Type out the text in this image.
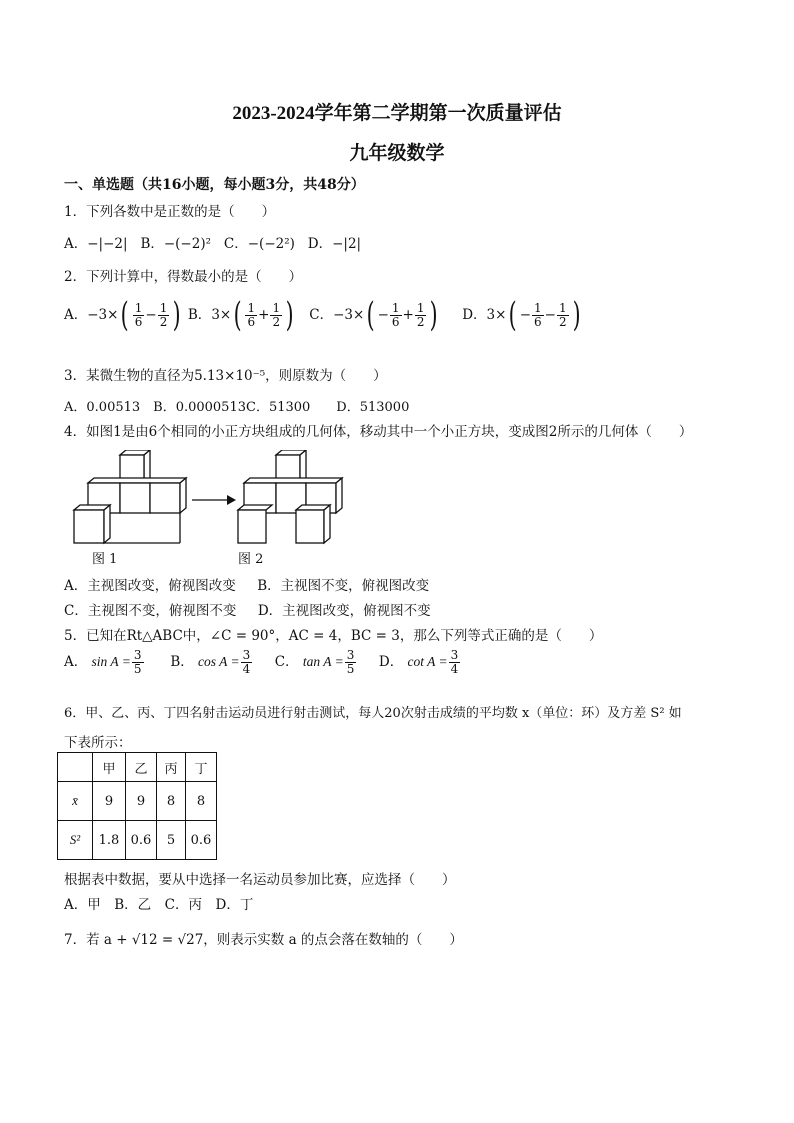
2023-2024学年第二学期第一次质量评估
九年级数学
一、单选题（共16小题，每小题3分，共48分）
1．下列各数中是正数的是（　　）
A．−|−2| B．−(−2)² C．−(−2²) D．−|2|
2．下列计算中，得数最小的是（　　）
A．$-3\times( \frac{1}{6} - \frac{1}{2}$ ) B．$3\times( \frac{1}{6} + \frac{1}{2}$ ) C．$-3\times( - \frac{1}{6} + \frac{1}{2}$ ) D．$3\times( - \frac{1}{6} - \frac{1}{2}$ )
3．某微生物的直径为5.13×10⁻⁵，则原数为（　　）
A．0.00513　B．0.0000513C．51300　　D．513000
4．如图1是由6个相同的小正方块组成的几何体，移动其中一个小正方块，变成图2所示的几何体（　　）
图 1	图 2
A．主视图改变，俯视图改变 B．主视图不变，俯视图改变
C．主视图不变，俯视图不变 D．主视图改变，俯视图不变
5．已知在Rt△ABC中，∠C = 90°，AC = 4，BC = 3，那么下列等式正确的是（　　）
A． $\sin A = \frac{3}{5}$ B． $\cos A = \frac{3}{4}$ C． $\tan A = \frac{3}{5}$ D． $\cot A = \frac{3}{4}$
6．甲、乙、丙、丁四名射击运动员进行射击测试，每人20次射击成绩的平均数 x（单位：环）及方差 S² 如
下表所示：
	甲	乙	丙	丁
x̄	9	9	8	8
S²	1.8	0.6	5	0.6
根据表中数据，要从中选择一名运动员参加比赛，应选择（　　）
A．甲　B．乙　C．丙　D．丁
7．若 a + √12 = √27，则表示实数 a 的点会落在数轴的（　　）
